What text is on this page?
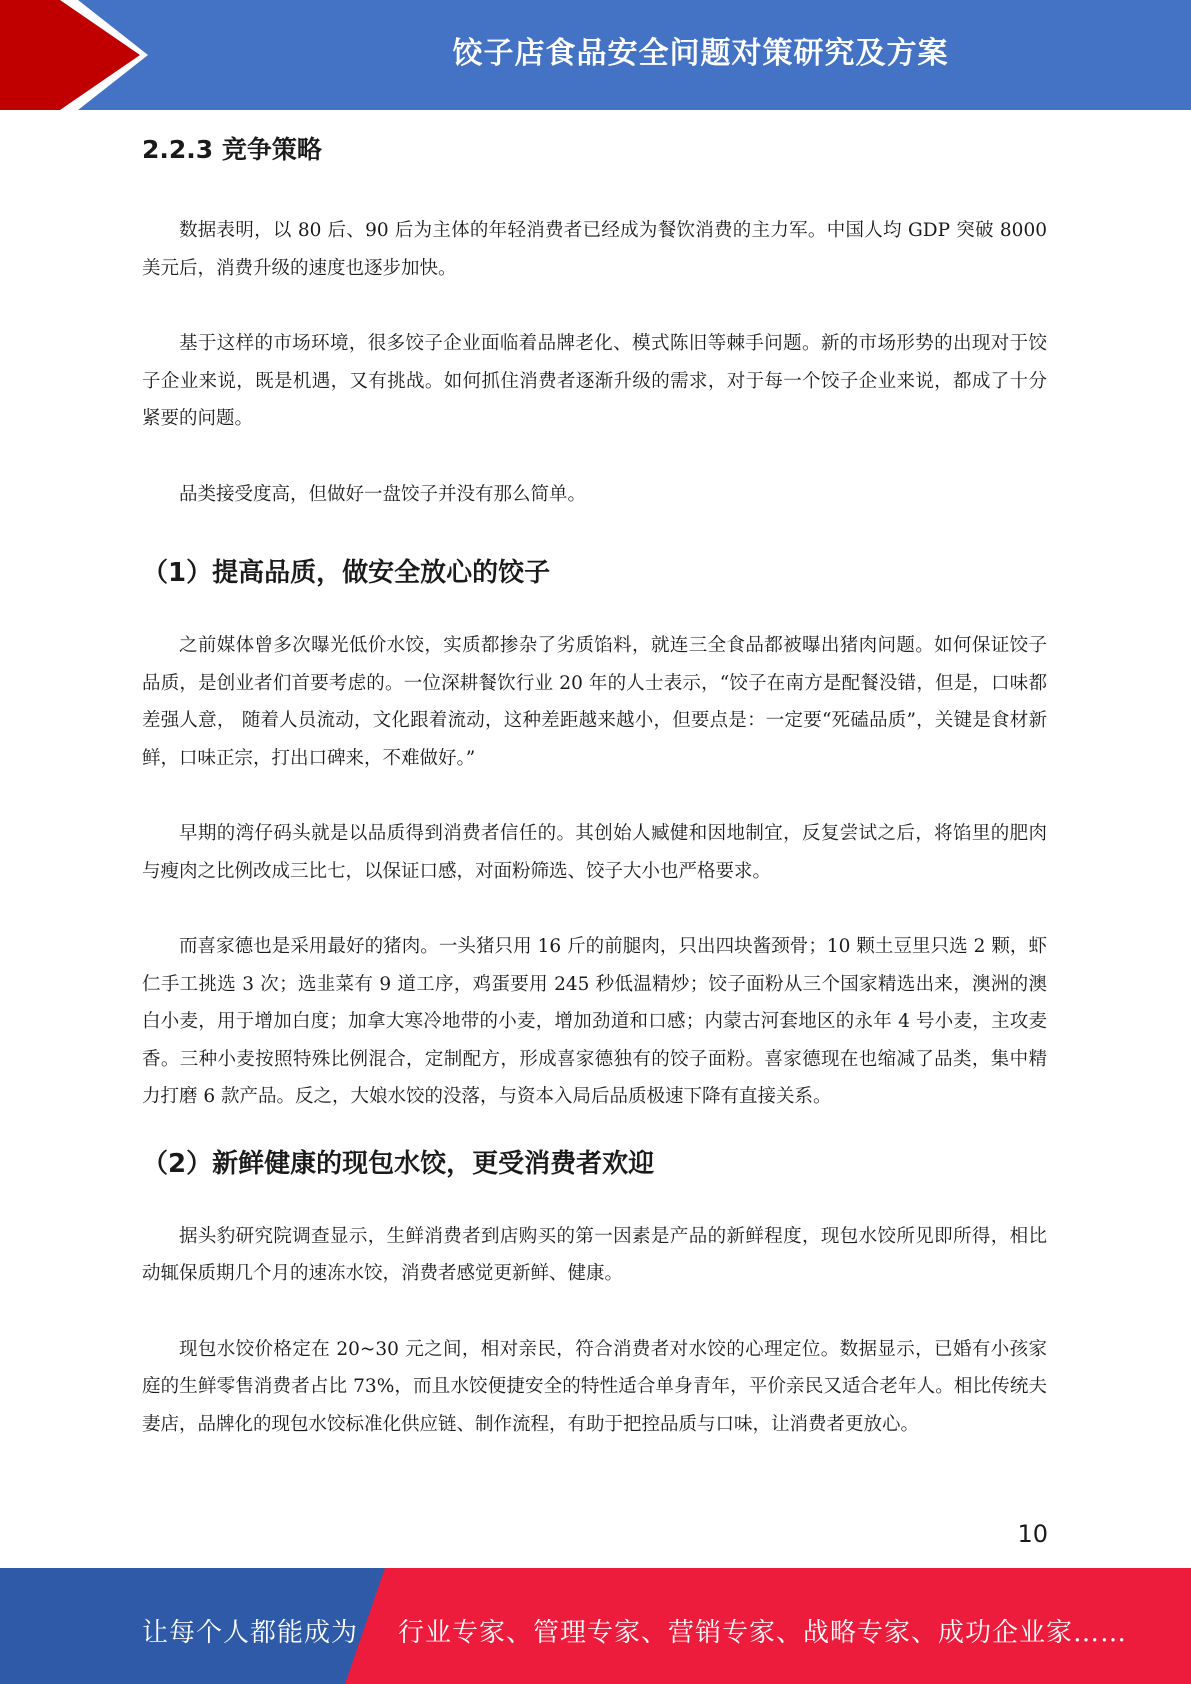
饺子店食品安全问题对策研究及方案
2.2.3 竞争策略

数据表明，以 80 后、90 后为主体的年轻消费者已经成为餐饮消费的主力军。中国人均 GDP 突破 8000 美元后，消费升级的速度也逐步加快。

基于这样的市场环境，很多饺子企业面临着品牌老化、模式陈旧等棘手问题。新的市场形势的出现对于饺子企业来说，既是机遇，又有挑战。如何抓住消费者逐渐升级的需求，对于每一个饺子企业来说，都成了十分紧要的问题。

品类接受度高，但做好一盘饺子并没有那么简单。

（1）提高品质，做安全放心的饺子

之前媒体曾多次曝光低价水饺，实质都掺杂了劣质馅料，就连三全食品都被曝出猪肉问题。如何保证饺子品质，是创业者们首要考虑的。一位深耕餐饮行业 20 年的人士表示，“饺子在南方是配餐没错，但是，口味都差强人意， 随着人员流动，文化跟着流动，这种差距越来越小，但要点是：一定要“死磕品质”，关键是食材新鲜，口味正宗，打出口碑来，不难做好。”

早期的湾仔码头就是以品质得到消费者信任的。其创始人臧健和因地制宜，反复尝试之后，将馅里的肥肉与瘦肉之比例改成三比七，以保证口感，对面粉筛选、饺子大小也严格要求。

而喜家德也是采用最好的猪肉。一头猪只用 16 斤的前腿肉，只出四块酱颈骨；10 颗土豆里只选 2 颗，虾仁手工挑选 3 次；选韭菜有 9 道工序，鸡蛋要用 245 秒低温精炒；饺子面粉从三个国家精选出来，澳洲的澳白小麦，用于增加白度；加拿大寒冷地带的小麦，增加劲道和口感；内蒙古河套地区的永年 4 号小麦，主攻麦香。三种小麦按照特殊比例混合，定制配方，形成喜家德独有的饺子面粉。喜家德现在也缩减了品类，集中精力打磨 6 款产品。反之，大娘水饺的没落，与资本入局后品质极速下降有直接关系。

（2）新鲜健康的现包水饺，更受消费者欢迎

据头豹研究院调查显示，生鲜消费者到店购买的第一因素是产品的新鲜程度，现包水饺所见即所得，相比动辄保质期几个月的速冻水饺，消费者感觉更新鲜、健康。

现包水饺价格定在 20~30 元之间，相对亲民，符合消费者对水饺的心理定位。数据显示，已婚有小孩家庭的生鲜零售消费者占比 73%，而且水饺便捷安全的特性适合单身青年，平价亲民又适合老年人。相比传统夫妻店，品牌化的现包水饺标准化供应链、制作流程，有助于把控品质与口味，让消费者更放心。

10
让每个人都能成为 行业专家、管理专家、营销专家、战略专家、成功企业家……
